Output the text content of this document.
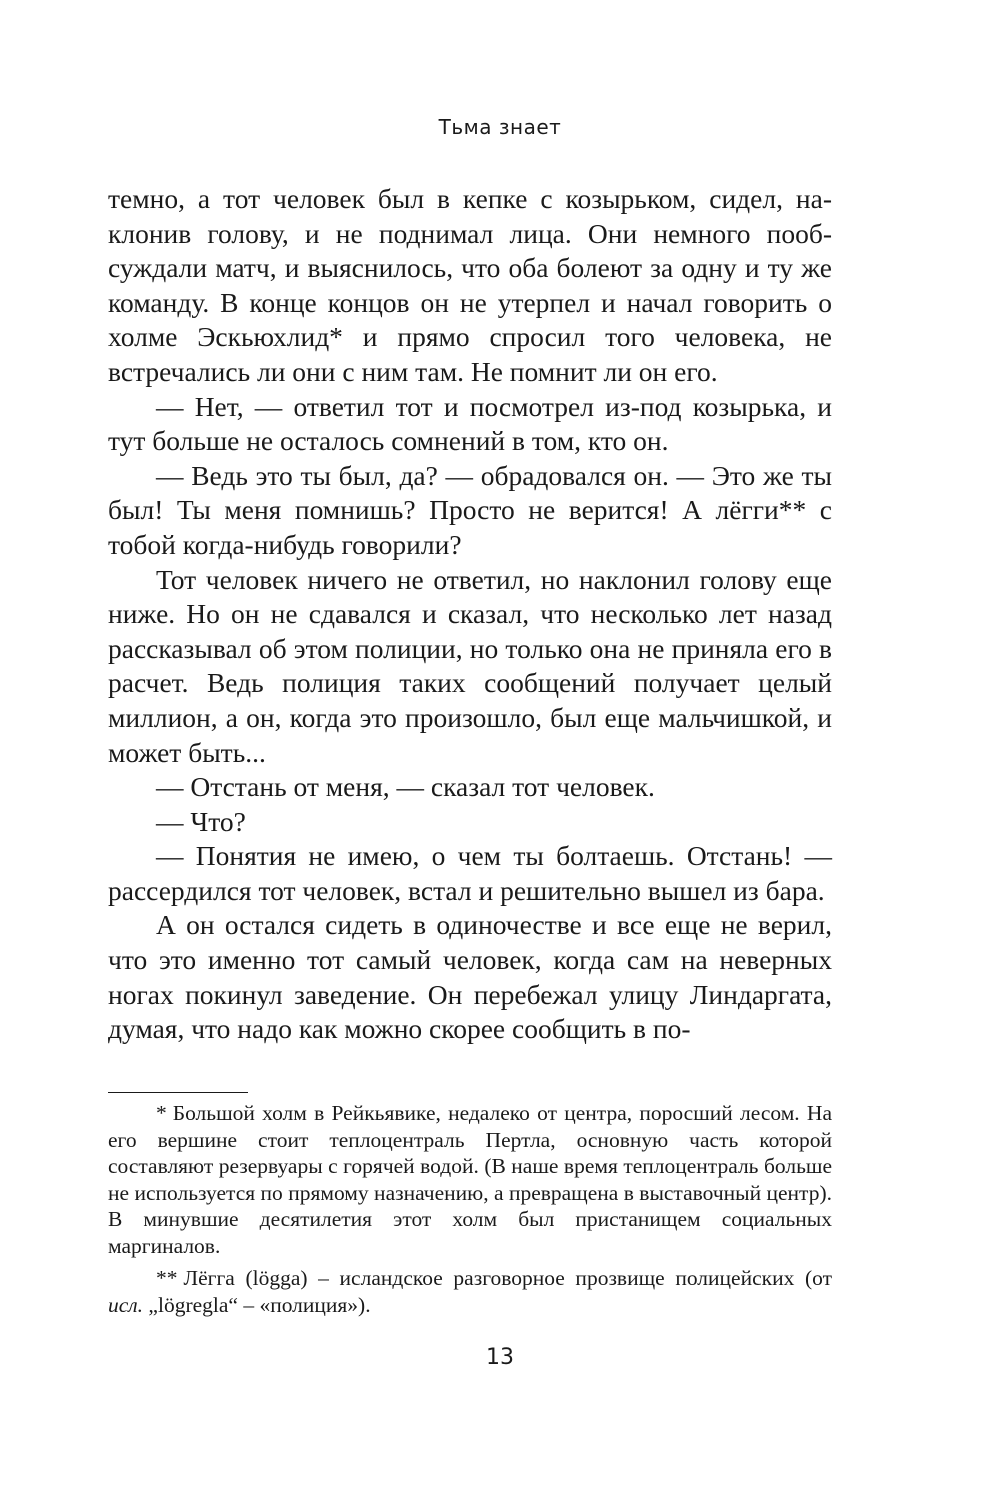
Тьма знает

темно, а тот человек был в кепке с козырьком, сидел, наклонив голову, и не поднимал лица. Они немного пообсуждали матч, и выяснилось, что оба болеют за одну и ту же команду. В конце концов он не утерпел и начал говорить о холме Эскьюхлид* и прямо спросил того человека, не встречались ли они с ним там. Не помнит ли он его.

— Нет, — ответил тот и посмотрел из-под козырька, и тут больше не осталось сомнений в том, кто он.

— Ведь это ты был, да? — обрадовался он. — Это же ты был! Ты меня помнишь? Просто не верится! А лёгги** с тобой когда-нибудь говорили?

Тот человек ничего не ответил, но наклонил голову еще ниже. Но он не сдавался и сказал, что несколько лет назад рассказывал об этом полиции, но только она не приняла его в расчет. Ведь полиция таких сообщений получает целый миллион, а он, когда это произошло, был еще мальчишкой, и может быть...

— Отстань от меня, — сказал тот человек.

— Что?

— Понятия не имею, о чем ты болтаешь. Отстань! — рассердился тот человек, встал и решительно вышел из бара.

А он остался сидеть в одиночестве и все еще не верил, что это именно тот самый человек, когда сам на неверных ногах покинул заведение. Он перебежал улицу Линдаргата, думая, что надо как можно скорее сообщить в по-

* Большой холм в Рейкьявике, недалеко от центра, поросший лесом. На его вершине стоит теплоцентраль Пертла, основную часть которой составляют резервуары с горячей водой. (В наше время теплоцентраль больше не используется по прямому назначению, а превращена в выставочный центр). В минувшие десятилетия этот холм был пристанищем социальных маргиналов.

** Лёгга (lögga) – исландское разговорное прозвище полицейских (от исл. „lögregla“ – «полиция»).

13
